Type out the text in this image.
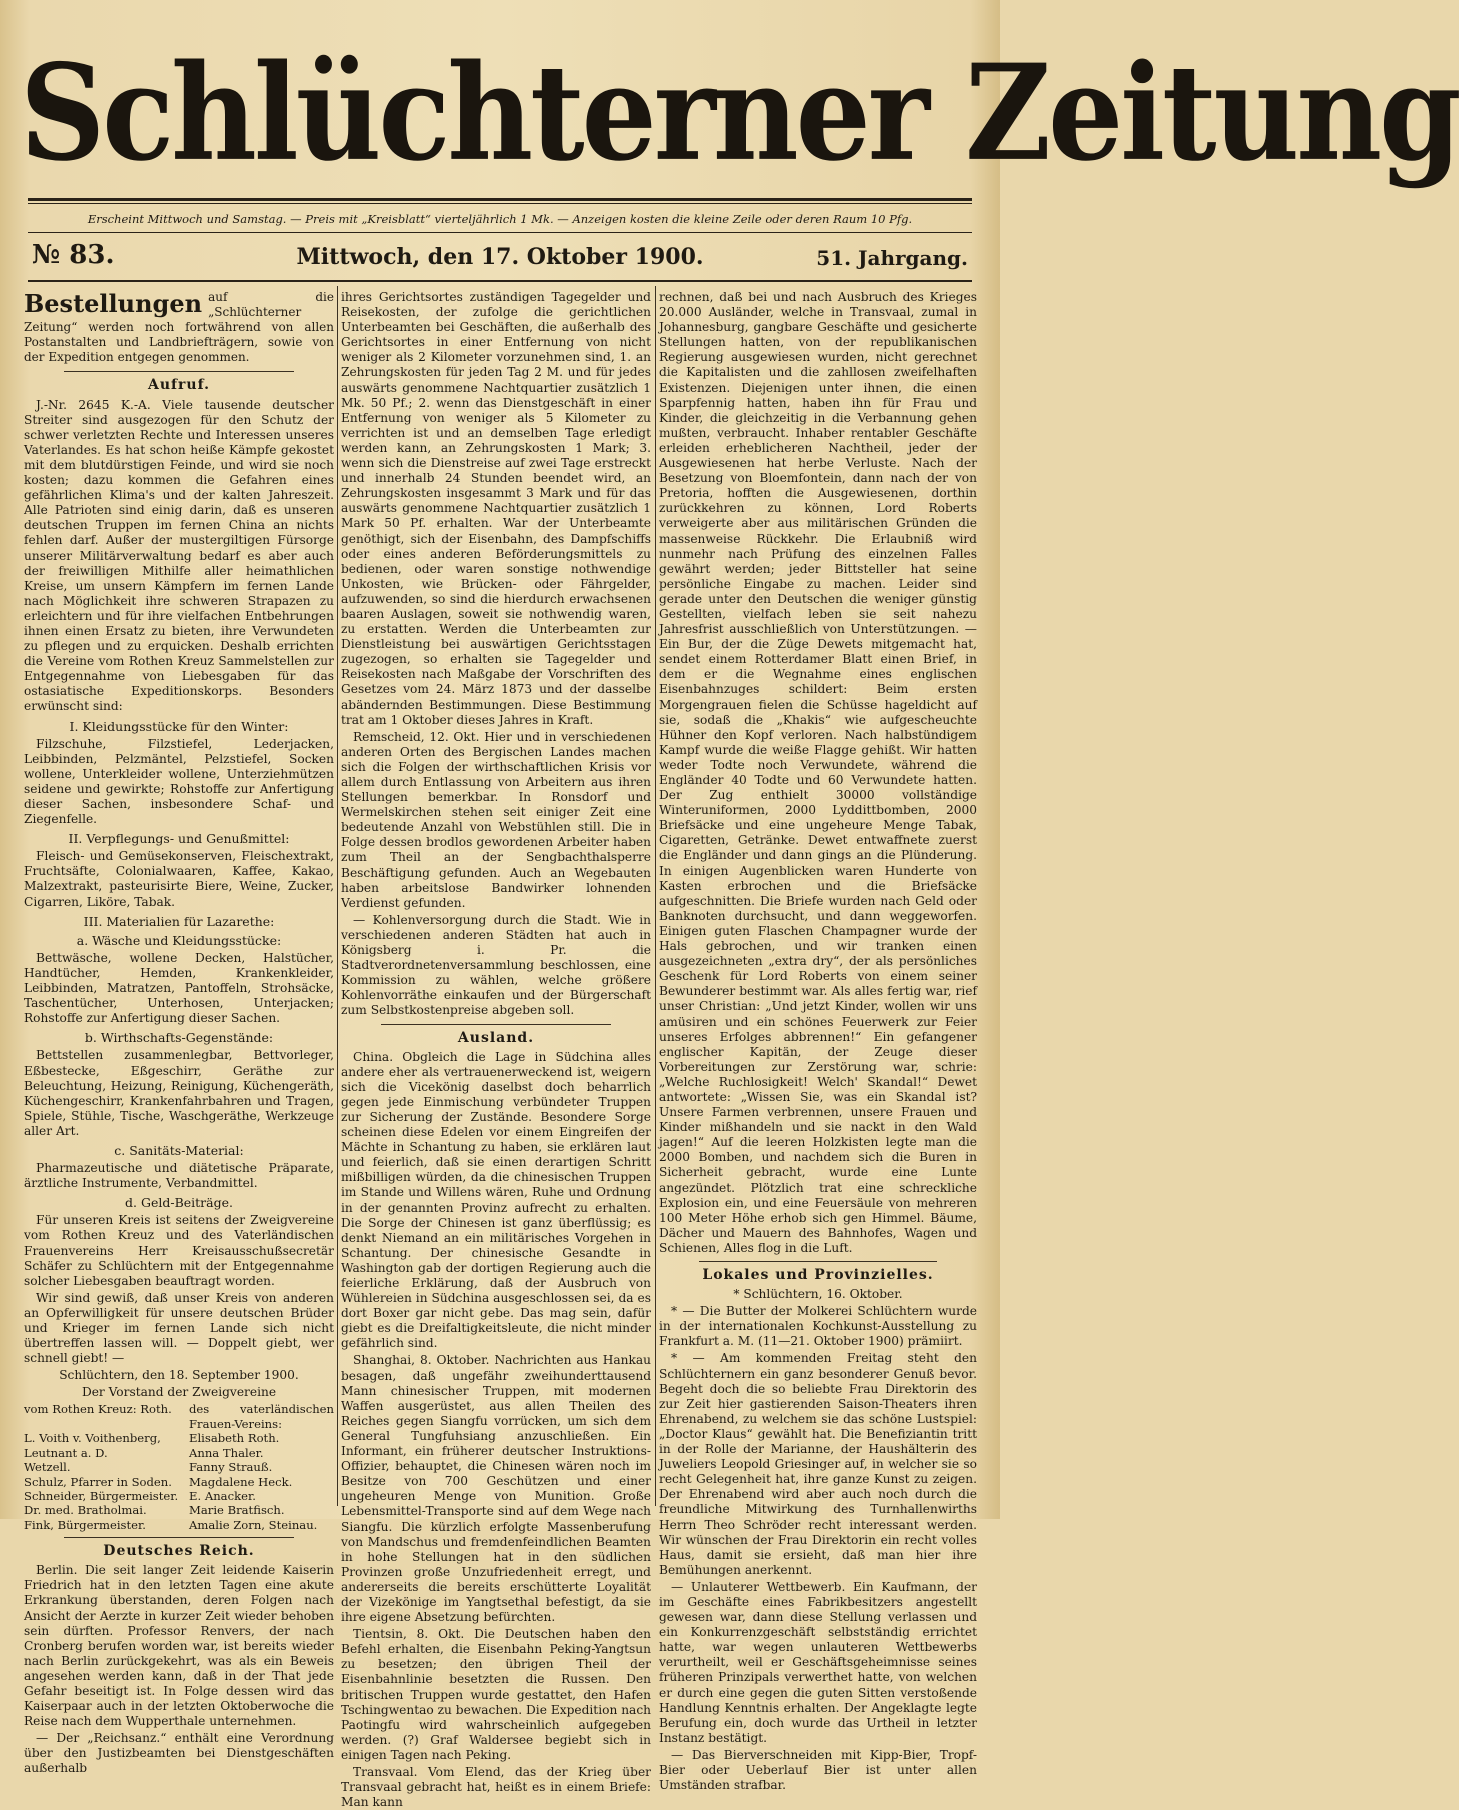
Schlüchterner Zeitung
Erscheint Mittwoch und Samstag. — Preis mit „Kreisblatt“ vierteljährlich 1 Mk. — Anzeigen kosten die kleine Zeile oder deren Raum 10 Pfg.
№ 83.	Mittwoch, den 17. Oktober 1900.	51. Jahrgang.
Bestellungen auf die „Schlüchterner Zeitung“ werden noch fortwährend von allen Postanstalten und Landbriefträgern, sowie von der Expedition entgegen genommen.
Aufruf.

J.-Nr. 2645 K.-A. Viele tausende deutscher Streiter sind ausgezogen für den Schutz der schwer verletzten Rechte und Interessen unseres Vaterlandes. Es hat schon heiße Kämpfe gekostet mit dem blutdürstigen Feinde, und wird sie noch kosten; dazu kommen die Gefahren eines gefährlichen Klima's und der kalten Jahreszeit. Alle Patrioten sind einig darin, daß es unseren deutschen Truppen im fernen China an nichts fehlen darf. Außer der mustergiltigen Fürsorge unserer Militärverwaltung bedarf es aber auch der freiwilligen Mithilfe aller heimathlichen Kreise, um unsern Kämpfern im fernen Lande nach Möglichkeit ihre schweren Strapazen zu erleichtern und für ihre vielfachen Entbehrungen ihnen einen Ersatz zu bieten, ihre Verwundeten zu pflegen und zu erquicken. Deshalb errichten die Vereine vom Rothen Kreuz Sammelstellen zur Entgegennahme von Liebesgaben für das ostasiatische Expeditionskorps. Besonders erwünscht sind:

I. Kleidungsstücke für den Winter:

Filzschuhe, Filzstiefel, Lederjacken, Leibbinden, Pelzmäntel, Pelzstiefel, Socken wollene, Unterkleider wollene, Unterziehmützen seidene und gewirkte; Rohstoffe zur Anfertigung dieser Sachen, insbesondere Schaf- und Ziegenfelle.

II. Verpflegungs- und Genußmittel:

Fleisch- und Gemüsekonserven, Fleischextrakt, Fruchtsäfte, Colonialwaaren, Kaffee, Kakao, Malzextrakt, pasteurisirte Biere, Weine, Zucker, Cigarren, Liköre, Tabak.

III. Materialien für Lazarethe:
a. Wäsche und Kleidungsstücke:

Bettwäsche, wollene Decken, Halstücher, Handtücher, Hemden, Krankenkleider, Leibbinden, Matratzen, Pantoffeln, Strohsäcke, Taschentücher, Unterhosen, Unterjacken; Rohstoffe zur Anfertigung dieser Sachen.

b. Wirthschafts-Gegenstände:

Bettstellen zusammenlegbar, Bettvorleger, Eßbestecke, Eßgeschirr, Geräthe zur Beleuchtung, Heizung, Reinigung, Küchengeräth, Küchengeschirr, Krankenfahrbahren und Tragen, Spiele, Stühle, Tische, Waschgeräthe, Werkzeuge aller Art.

c. Sanitäts-Material:

Pharmazeutische und diätetische Präparate, ärztliche Instrumente, Verbandmittel.

d. Geld-Beiträge.

Für unseren Kreis ist seitens der Zweigvereine vom Rothen Kreuz und des Vaterländischen Frauenvereins Herr Kreisausschußsecretär Schäfer zu Schlüchtern mit der Entgegennahme solcher Liebesgaben beauftragt worden.

Wir sind gewiß, daß unser Kreis von anderen an Opferwilligkeit für unsere deutschen Brüder und Krieger im fernen Lande sich nicht übertreffen lassen will. — Doppelt giebt, wer schnell giebt! —

Schlüchtern, den 18. September 1900.

Der Vorstand der Zweigvereine

vom Rothen Kreuz: Roth.	des vaterländischen Frauen-Vereins:
L. Voith v. Voithenberg,	Elisabeth Roth.
Leutnant a. D.	Anna Thaler.
Wetzell.	Fanny Strauß.
Schulz, Pfarrer in Soden.	Magdalene Heck.
Schneider, Bürgermeister.	E. Anacker.
Dr. med. Bratholmai.	Marie Bratfisch.
Fink, Bürgermeister.	Amalie Zorn, Steinau.
Deutsches Reich.

Berlin. Die seit langer Zeit leidende Kaiserin Friedrich hat in den letzten Tagen eine akute Erkrankung überstanden, deren Folgen nach Ansicht der Aerzte in kurzer Zeit wieder behoben sein dürften. Professor Renvers, der nach Cronberg berufen worden war, ist bereits wieder nach Berlin zurückgekehrt, was als ein Beweis angesehen werden kann, daß in der That jede Gefahr beseitigt ist. In Folge dessen wird das Kaiserpaar auch in der letzten Oktoberwoche die Reise nach dem Wupperthale unternehmen.

— Der „Reichsanz.“ enthält eine Verordnung über den Justizbeamten bei Dienstgeschäften außerhalb

ihres Gerichtsortes zuständigen Tagegelder und Reisekosten, der zufolge die gerichtlichen Unterbeamten bei Geschäften, die außerhalb des Gerichtsortes in einer Entfernung von nicht weniger als 2 Kilometer vorzunehmen sind, 1. an Zehrungskosten für jeden Tag 2 M. und für jedes auswärts genommene Nachtquartier zusätzlich 1 Mk. 50 Pf.; 2. wenn das Dienstgeschäft in einer Entfernung von weniger als 5 Kilometer zu verrichten ist und an demselben Tage erledigt werden kann, an Zehrungskosten 1 Mark; 3. wenn sich die Dienstreise auf zwei Tage erstreckt und innerhalb 24 Stunden beendet wird, an Zehrungskosten insgesammt 3 Mark und für das auswärts genommene Nachtquartier zusätzlich 1 Mark 50 Pf. erhalten. War der Unterbeamte genöthigt, sich der Eisenbahn, des Dampfschiffs oder eines anderen Beförderungsmittels zu bedienen, oder waren sonstige nothwendige Unkosten, wie Brücken- oder Fährgelder, aufzuwenden, so sind die hierdurch erwachsenen baaren Auslagen, soweit sie nothwendig waren, zu erstatten. Werden die Unterbeamten zur Dienstleistung bei auswärtigen Gerichtsstagen zugezogen, so erhalten sie Tagegelder und Reisekosten nach Maßgabe der Vorschriften des Gesetzes vom 24. März 1873 und der dasselbe abändernden Bestimmungen. Diese Bestimmung trat am 1 Oktober dieses Jahres in Kraft.

Remscheid, 12. Okt. Hier und in verschiedenen anderen Orten des Bergischen Landes machen sich die Folgen der wirthschaftlichen Krisis vor allem durch Entlassung von Arbeitern aus ihren Stellungen bemerkbar. In Ronsdorf und Wermelskirchen stehen seit einiger Zeit eine bedeutende Anzahl von Webstühlen still. Die in Folge dessen brodlos gewordenen Arbeiter haben zum Theil an der Sengbachthalsperre Beschäftigung gefunden. Auch an Wegebauten haben arbeitslose Bandwirker lohnenden Verdienst gefunden.

— Kohlenversorgung durch die Stadt. Wie in verschiedenen anderen Städten hat auch in Königsberg i. Pr. die Stadtverordnetenversammlung beschlossen, eine Kommission zu wählen, welche größere Kohlenvorräthe einkaufen und der Bürgerschaft zum Selbstkostenpreise abgeben soll.

Ausland.

China. Obgleich die Lage in Südchina alles andere eher als vertrauenerweckend ist, weigern sich die Vicekönig daselbst doch beharrlich gegen jede Einmischung verbündeter Truppen zur Sicherung der Zustände. Besondere Sorge scheinen diese Edelen vor einem Eingreifen der Mächte in Schantung zu haben, sie erklären laut und feierlich, daß sie einen derartigen Schritt mißbilligen würden, da die chinesischen Truppen im Stande und Willens wären, Ruhe und Ordnung in der genannten Provinz aufrecht zu erhalten. Die Sorge der Chinesen ist ganz überflüssig; es denkt Niemand an ein militärisches Vorgehen in Schantung. Der chinesische Gesandte in Washington gab der dortigen Regierung auch die feierliche Erklärung, daß der Ausbruch von Wühlereien in Südchina ausgeschlossen sei, da es dort Boxer gar nicht gebe. Das mag sein, dafür giebt es die Dreifaltigkeitsleute, die nicht minder gefährlich sind.

Shanghai, 8. Oktober. Nachrichten aus Hankau besagen, daß ungefähr zweihunderttausend Mann chinesischer Truppen, mit modernen Waffen ausgerüstet, aus allen Theilen des Reiches gegen Siangfu vorrücken, um sich dem General Tungfuhsiang anzuschließen. Ein Informant, ein früherer deutscher Instruktions-Offizier, behauptet, die Chinesen wären noch im Besitze von 700 Geschützen und einer ungeheuren Menge von Munition. Große Lebensmittel-Transporte sind auf dem Wege nach Siangfu. Die kürzlich erfolgte Massenberufung von Mandschus und fremdenfeindlichen Beamten in hohe Stellungen hat in den südlichen Provinzen große Unzufriedenheit erregt, und andererseits die bereits erschütterte Loyalität der Vizekönige im Yangtsethal befestigt, da sie ihre eigene Absetzung befürchten.

Tientsin, 8. Okt. Die Deutschen haben den Befehl erhalten, die Eisenbahn Peking-Yangtsun zu besetzen; den übrigen Theil der Eisenbahnlinie besetzten die Russen. Den britischen Truppen wurde gestattet, den Hafen Tschingwentao zu bewachen. Die Expedition nach Paotingfu wird wahrscheinlich aufgegeben werden. (?) Graf Waldersee begiebt sich in einigen Tagen nach Peking.

Transvaal. Vom Elend, das der Krieg über Transvaal gebracht hat, heißt es in einem Briefe: Man kann

rechnen, daß bei und nach Ausbruch des Krieges 20.000 Ausländer, welche in Transvaal, zumal in Johannesburg, gangbare Geschäfte und gesicherte Stellungen hatten, von der republikanischen Regierung ausgewiesen wurden, nicht gerechnet die Kapitalisten und die zahllosen zweifelhaften Existenzen. Diejenigen unter ihnen, die einen Sparpfennig hatten, haben ihn für Frau und Kinder, die gleichzeitig in die Verbannung gehen mußten, verbraucht. Inhaber rentabler Geschäfte erleiden erheblicheren Nachtheil, jeder der Ausgewiesenen hat herbe Verluste. Nach der Besetzung von Bloemfontein, dann nach der von Pretoria, hofften die Ausgewiesenen, dorthin zurückkehren zu können, Lord Roberts verweigerte aber aus militärischen Gründen die massenweise Rückkehr. Die Erlaubniß wird nunmehr nach Prüfung des einzelnen Falles gewährt werden; jeder Bittsteller hat seine persönliche Eingabe zu machen. Leider sind gerade unter den Deutschen die weniger günstig Gestellten, vielfach leben sie seit nahezu Jahresfrist ausschließlich von Unterstützungen. — Ein Bur, der die Züge Dewets mitgemacht hat, sendet einem Rotterdamer Blatt einen Brief, in dem er die Wegnahme eines englischen Eisenbahnzuges schildert: Beim ersten Morgengrauen fielen die Schüsse hageldicht auf sie, sodaß die „Khakis“ wie aufgescheuchte Hühner den Kopf verloren. Nach halbstündigem Kampf wurde die weiße Flagge gehißt. Wir hatten weder Todte noch Verwundete, während die Engländer 40 Todte und 60 Verwundete hatten. Der Zug enthielt 30000 vollständige Winteruniformen, 2000 Lyddittbomben, 2000 Briefsäcke und eine ungeheure Menge Tabak, Cigaretten, Getränke. Dewet entwaffnete zuerst die Engländer und dann gings an die Plünderung. In einigen Augenblicken waren Hunderte von Kasten erbrochen und die Briefsäcke aufgeschnitten. Die Briefe wurden nach Geld oder Banknoten durchsucht, und dann weggeworfen. Einigen guten Flaschen Champagner wurde der Hals gebrochen, und wir tranken einen ausgezeichneten „extra dry“, der als persönliches Geschenk für Lord Roberts von einem seiner Bewunderer bestimmt war. Als alles fertig war, rief unser Christian: „Und jetzt Kinder, wollen wir uns amüsiren und ein schönes Feuerwerk zur Feier unseres Erfolges abbrennen!“ Ein gefangener englischer Kapitän, der Zeuge dieser Vorbereitungen zur Zerstörung war, schrie: „Welche Ruchlosigkeit! Welch' Skandal!“ Dewet antwortete: „Wissen Sie, was ein Skandal ist? Unsere Farmen verbrennen, unsere Frauen und Kinder mißhandeln und sie nackt in den Wald jagen!“ Auf die leeren Holzkisten legte man die 2000 Bomben, und nachdem sich die Buren in Sicherheit gebracht, wurde eine Lunte angezündet. Plötzlich trat eine schreckliche Explosion ein, und eine Feuersäule von mehreren 100 Meter Höhe erhob sich gen Himmel. Bäume, Dächer und Mauern des Bahnhofes, Wagen und Schienen, Alles flog in die Luft.

Lokales und Provinzielles.

* Schlüchtern, 16. Oktober.

* — Die Butter der Molkerei Schlüchtern wurde in der internationalen Kochkunst-Ausstellung zu Frankfurt a. M. (11—21. Oktober 1900) prämiirt.

* — Am kommenden Freitag steht den Schlüchternern ein ganz besonderer Genuß bevor. Begeht doch die so beliebte Frau Direktorin des zur Zeit hier gastierenden Saison-Theaters ihren Ehrenabend, zu welchem sie das schöne Lustspiel: „Doctor Klaus“ gewählt hat. Die Benefiziantin tritt in der Rolle der Marianne, der Haushälterin des Juweliers Leopold Griesinger auf, in welcher sie so recht Gelegenheit hat, ihre ganze Kunst zu zeigen. Der Ehrenabend wird aber auch noch durch die freundliche Mitwirkung des Turnhallenwirths Herrn Theo Schröder recht interessant werden. Wir wünschen der Frau Direktorin ein recht volles Haus, damit sie ersieht, daß man hier ihre Bemühungen anerkennt.

— Unlauterer Wettbewerb. Ein Kaufmann, der im Geschäfte eines Fabrikbesitzers angestellt gewesen war, dann diese Stellung verlassen und ein Konkurrenzgeschäft selbstständig errichtet hatte, war wegen unlauteren Wettbewerbs verurtheilt, weil er Geschäftsgeheimnisse seines früheren Prinzipals verwerthet hatte, von welchen er durch eine gegen die guten Sitten verstoßende Handlung Kenntnis erhalten. Der Angeklagte legte Berufung ein, doch wurde das Urtheil in letzter Instanz bestätigt.

— Das Bierverschneiden mit Kipp-Bier, Tropf-Bier oder Ueberlauf Bier ist unter allen Umständen strafbar.
